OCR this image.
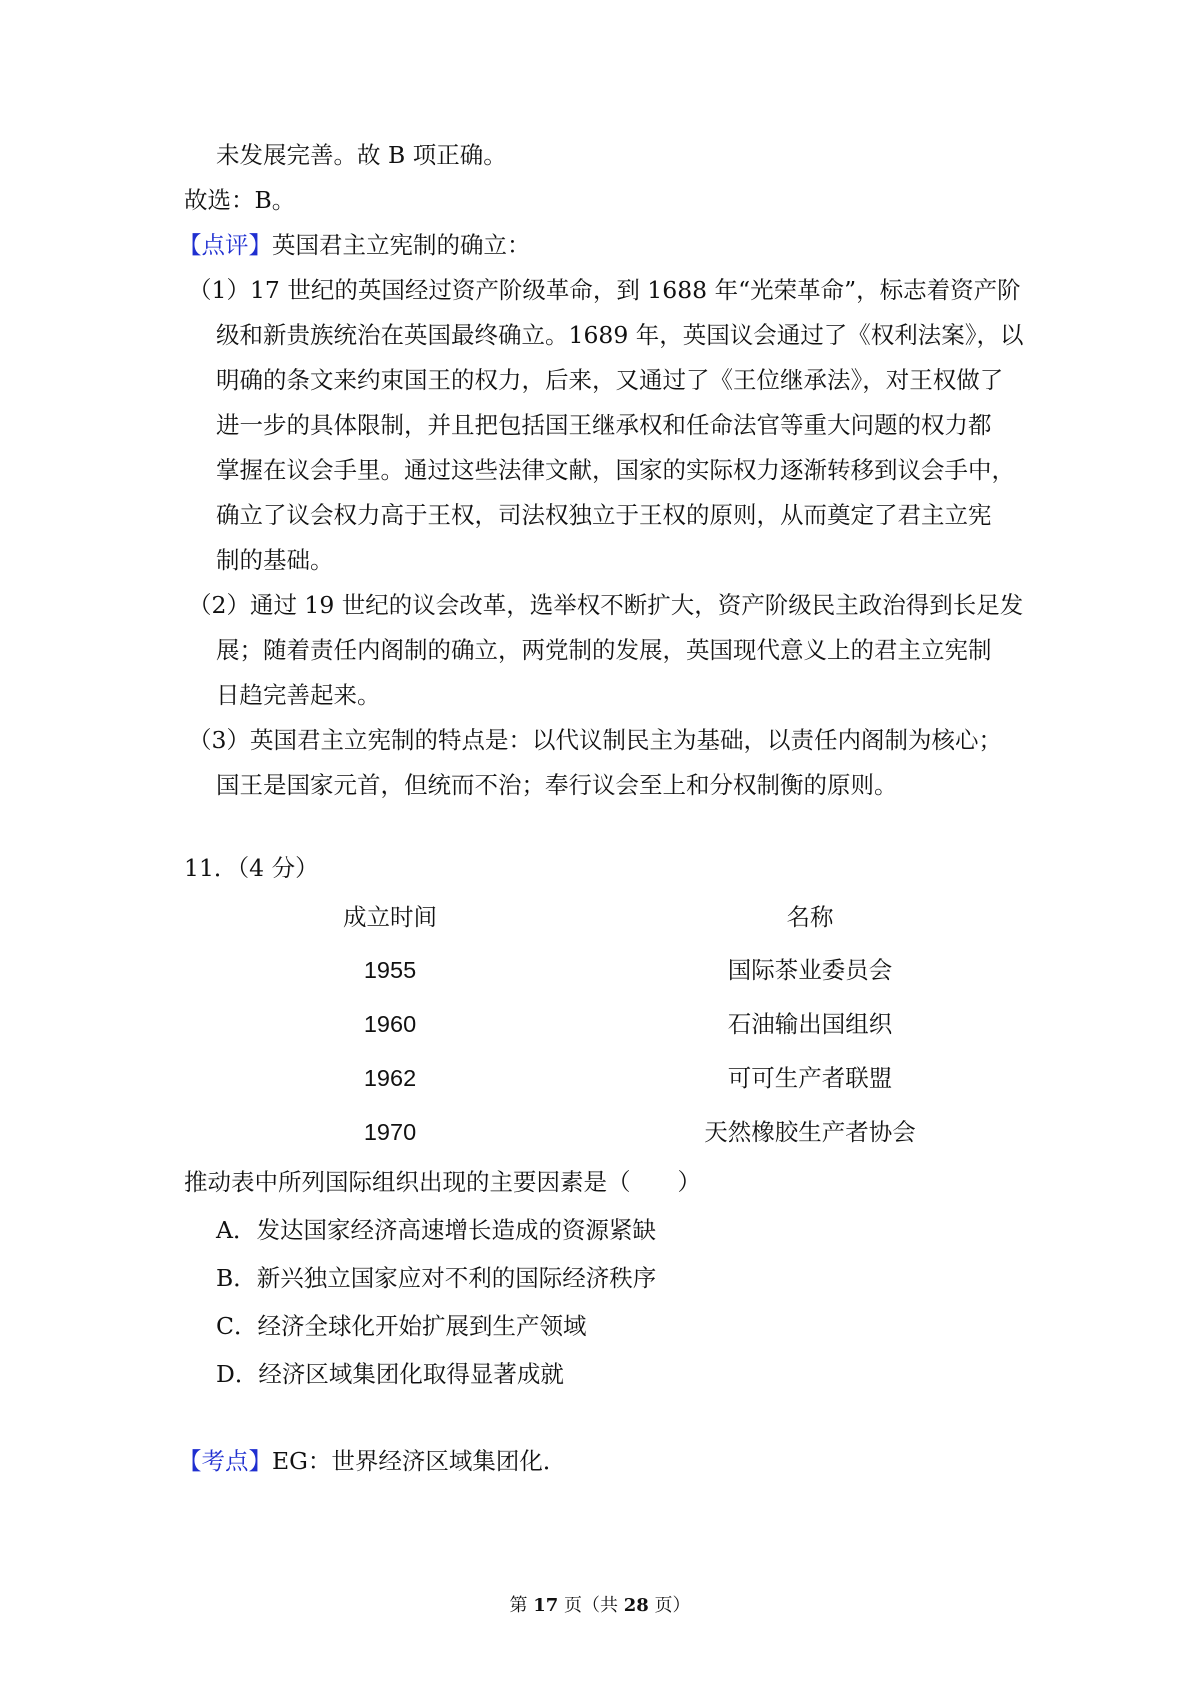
未发展完善。故 B 项正确。
故选：B。
【点评】英国君主立宪制的确立：
（1）17 世纪的英国经过资产阶级革命，到 1688 年“光荣革命”，标志着资产阶
级和新贵族统治在英国最终确立。1689 年，英国议会通过了《权利法案》，以
明确的条文来约束国王的权力，后来，又通过了《王位继承法》，对王权做了
进一步的具体限制，并且把包括国王继承权和任命法官等重大问题的权力都
掌握在议会手里。通过这些法律文献，国家的实际权力逐渐转移到议会手中，
确立了议会权力高于王权，司法权独立于王权的原则，从而奠定了君主立宪
制的基础。
（2）通过 19 世纪的议会改革，选举权不断扩大，资产阶级民主政治得到长足发
展；随着责任内阁制的确立，两党制的发展，英国现代意义上的君主立宪制
日趋完善起来。
（3）英国君主立宪制的特点是：以代议制民主为基础，以责任内阁制为核心；
国王是国家元首，但统而不治；奉行议会至上和分权制衡的原则。
11．（4 分）
成立时间	名称
1955	国际茶业委员会
1960	石油输出国组织
1962	可可生产者联盟
1970	天然橡胶生产者协会
推动表中所列国际组织出现的主要因素是（　　）
A．发达国家经济高速增长造成的资源紧缺
B．新兴独立国家应对不利的国际经济秩序
C．经济全球化开始扩展到生产领域
D．经济区域集团化取得显著成就
【考点】EG：世界经济区域集团化．
第 17 页（共 28 页）
